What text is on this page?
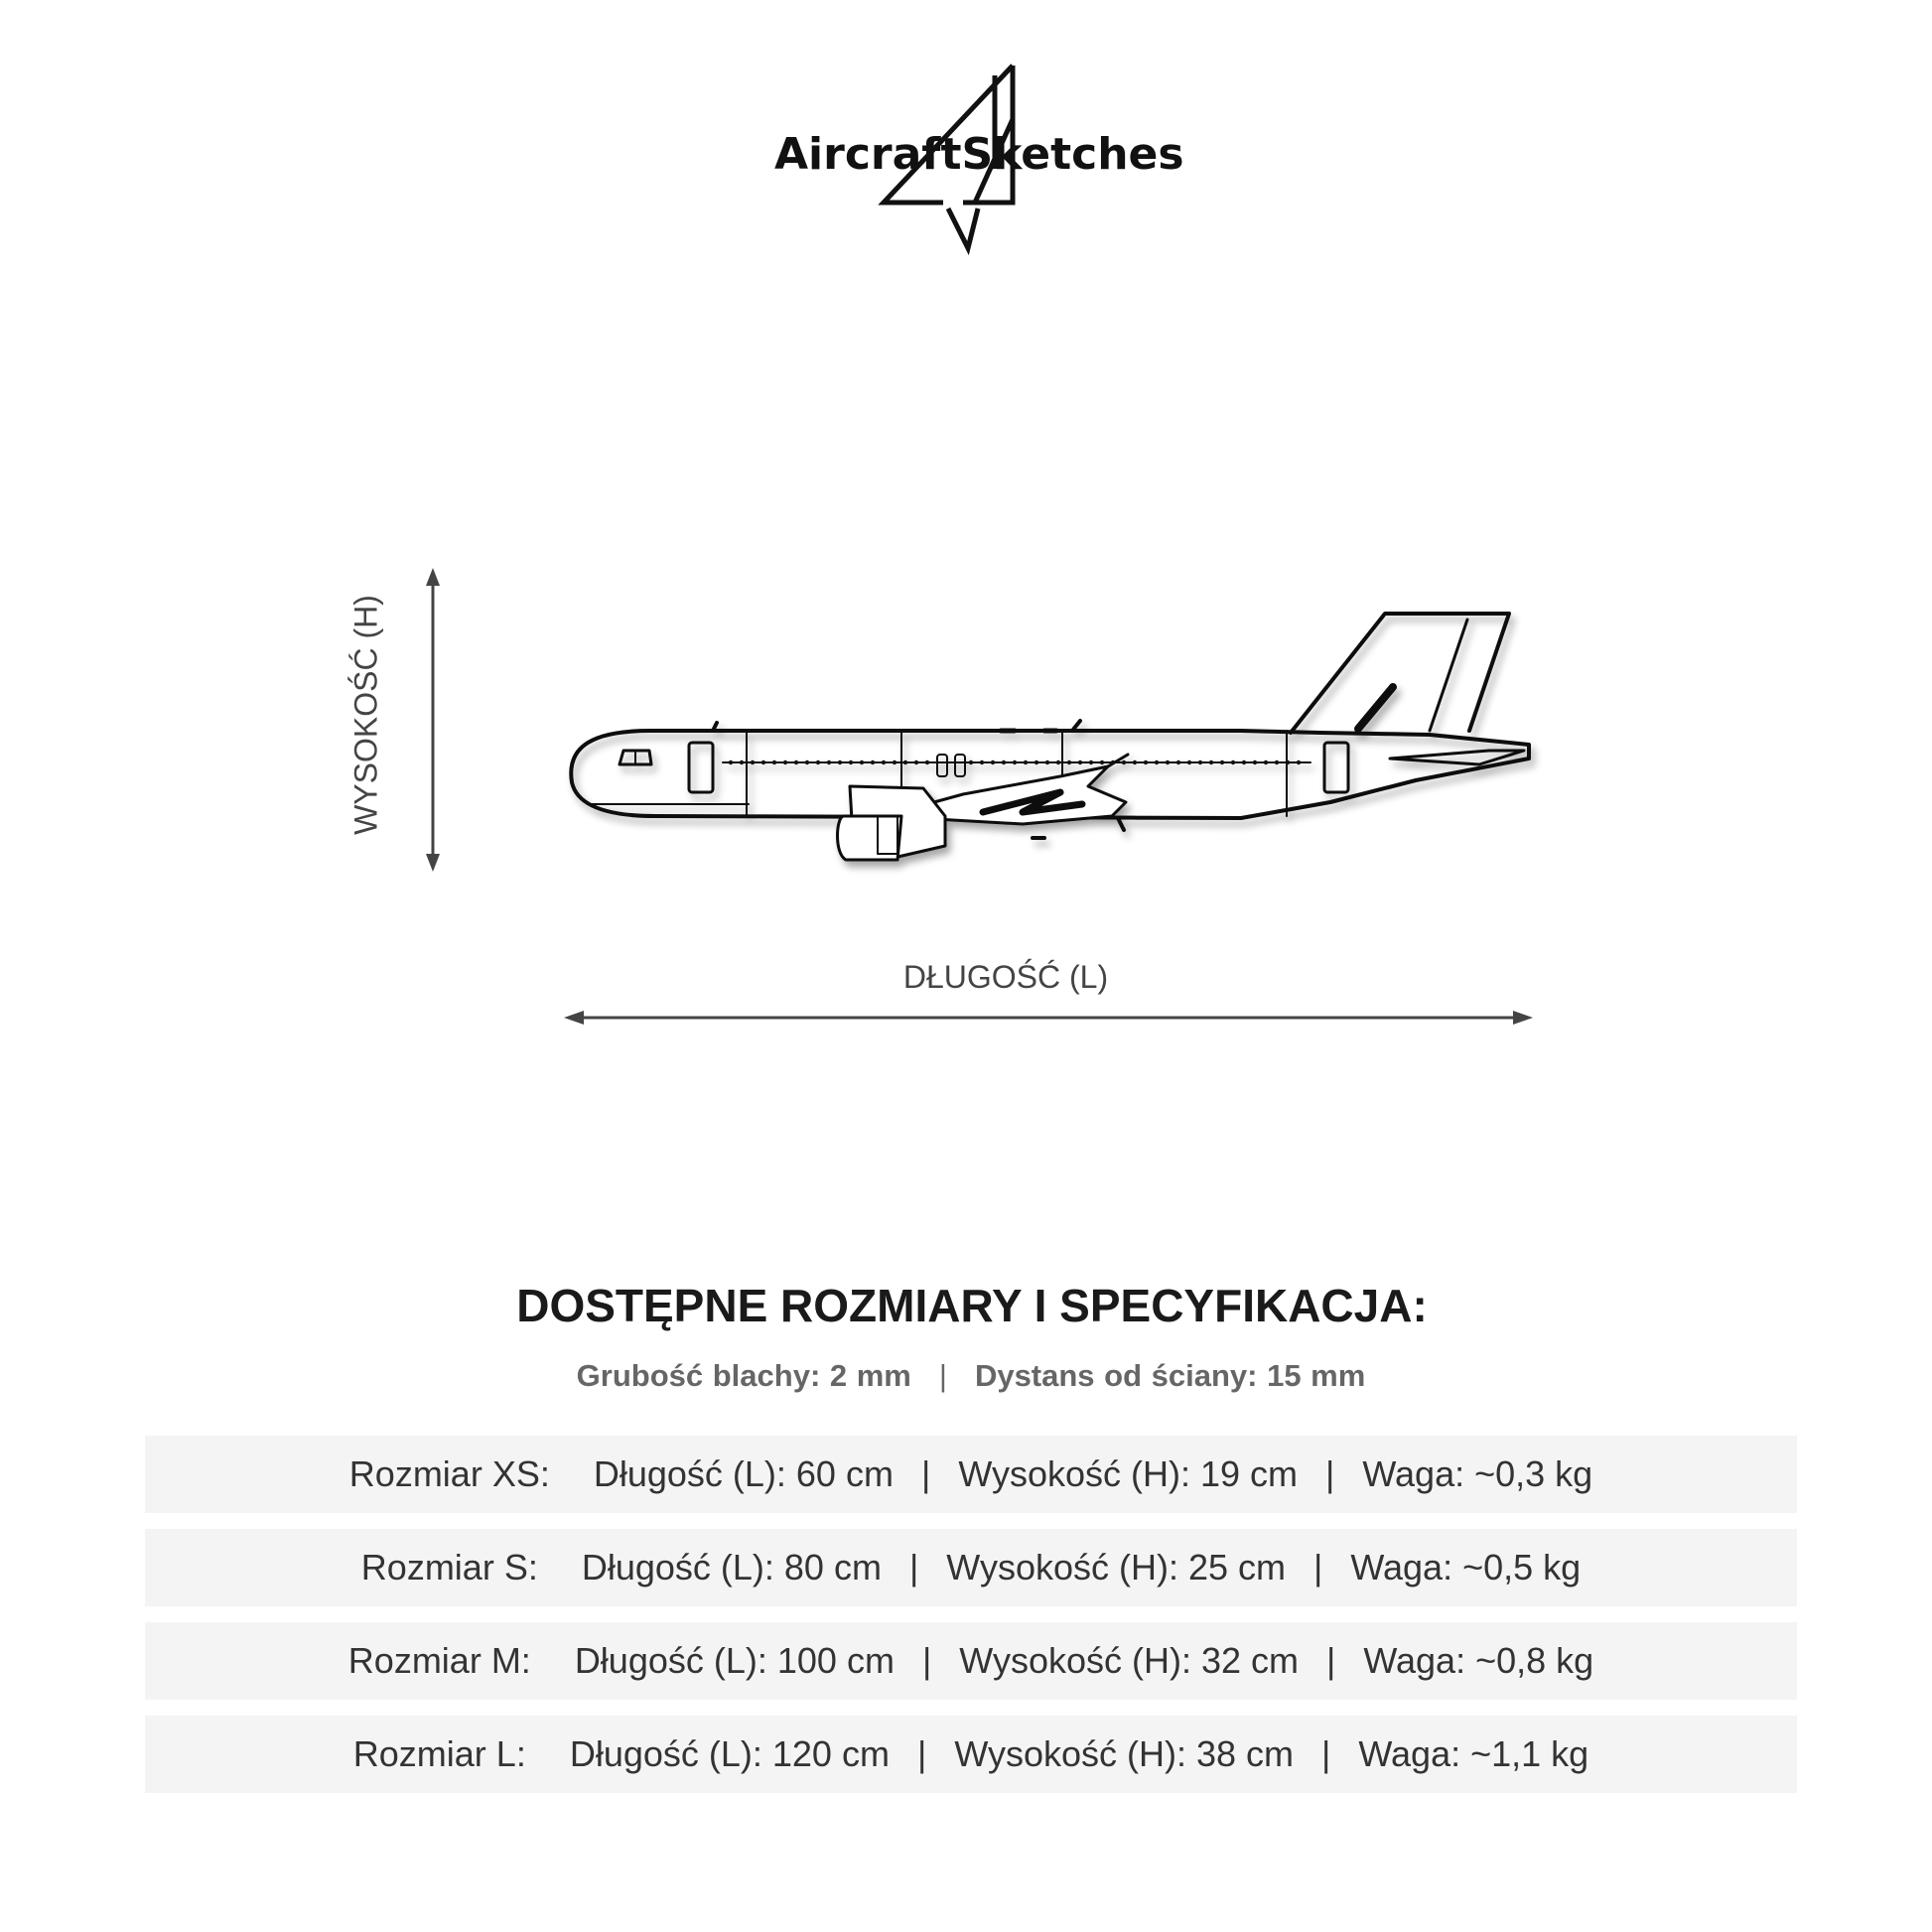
AircraftSketches
WYSOKOŚĆ (H)
DŁUGOŚĆ (L)
DOSTĘPNE ROZMIARY I SPECYFIKACJA:
Grubość blachy: 2 mm | Dystans od ściany: 15 mm
Rozmiar XS: Długość (L): 60 cm | Wysokość (H): 19 cm | Waga: ~0,3 kg
Rozmiar S: Długość (L): 80 cm | Wysokość (H): 25 cm | Waga: ~0,5 kg
Rozmiar M: Długość (L): 100 cm | Wysokość (H): 32 cm | Waga: ~0,8 kg
Rozmiar L: Długość (L): 120 cm | Wysokość (H): 38 cm | Waga: ~1,1 kg
